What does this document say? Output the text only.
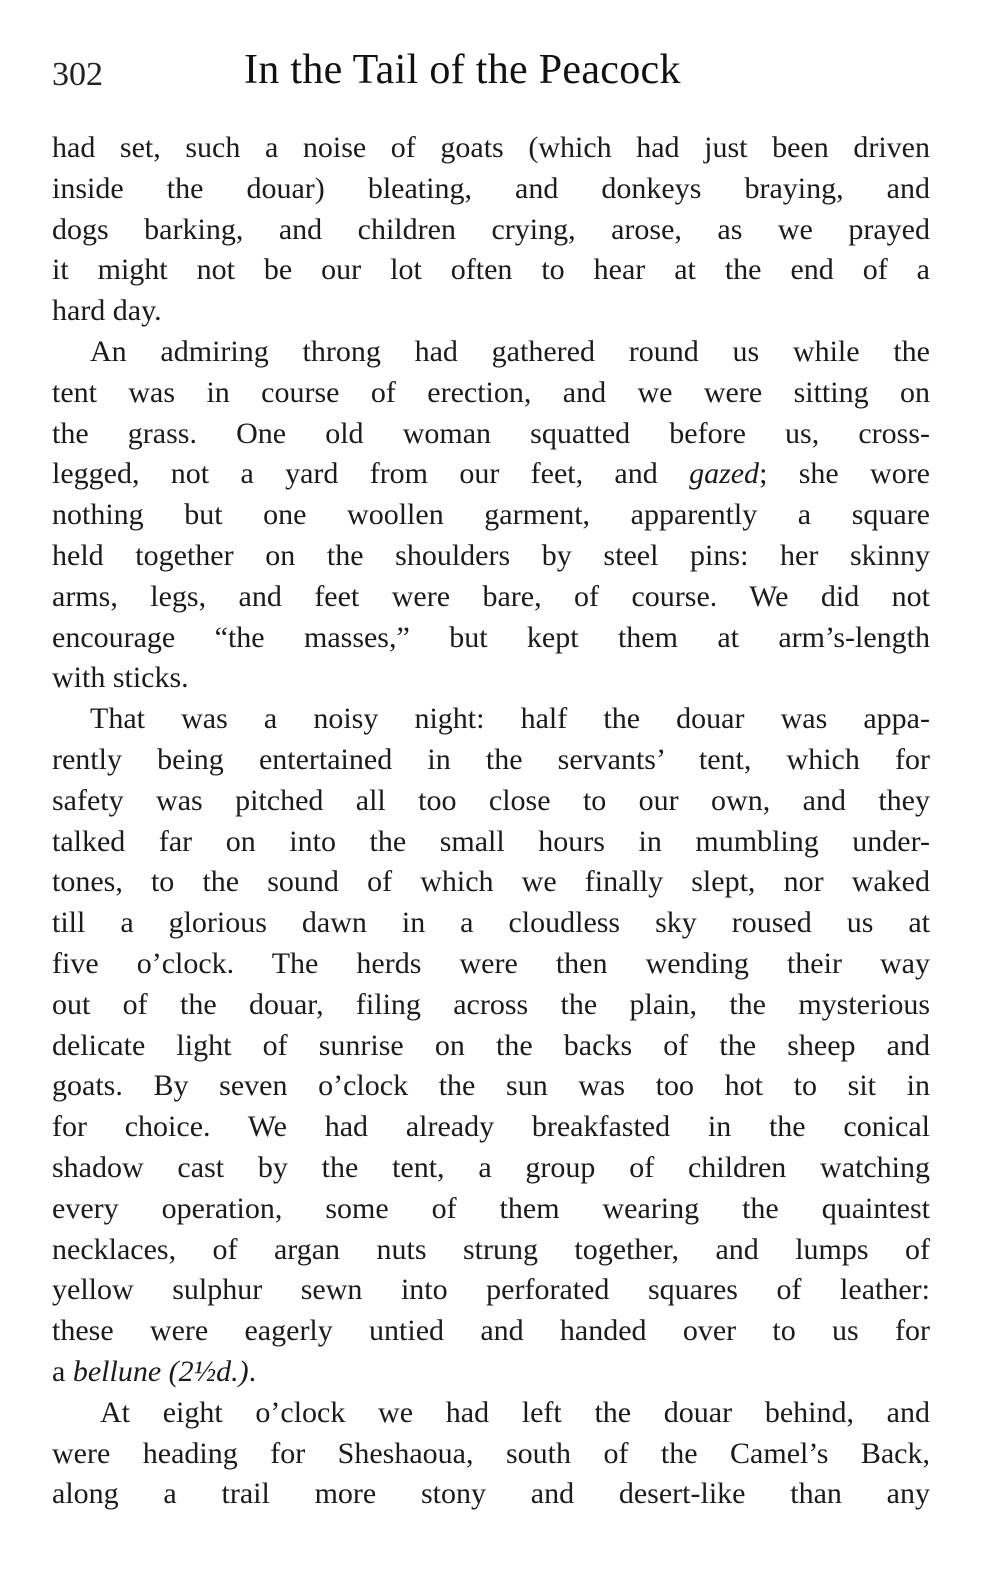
302	In the Tail of the Peacock
had set, such a noise of goats (which had just been driven
inside the douar) bleating, and donkeys braying, and
dogs barking, and children crying, arose, as we prayed
it might not be our lot often to hear at the end of a
hard day.
An admiring throng had gathered round us while the
tent was in course of erection, and we were sitting on
the grass. One old woman squatted before us, cross-
legged, not a yard from our feet, and gazed; she wore
nothing but one woollen garment, apparently a square
held together on the shoulders by steel pins: her skinny
arms, legs, and feet were bare, of course. We did not
encourage “the masses,” but kept them at arm’s-length
with sticks.
That was a noisy night: half the douar was appa-
rently being entertained in the servants’ tent, which for
safety was pitched all too close to our own, and they
talked far on into the small hours in mumbling under-
tones, to the sound of which we finally slept, nor waked
till a glorious dawn in a cloudless sky roused us at
five o’clock. The herds were then wending their way
out of the douar, filing across the plain, the mysterious
delicate light of sunrise on the backs of the sheep and
goats. By seven o’clock the sun was too hot to sit in
for choice. We had already breakfasted in the conical
shadow cast by the tent, a group of children watching
every operation, some of them wearing the quaintest
necklaces, of argan nuts strung together, and lumps of
yellow sulphur sewn into perforated squares of leather:
these were eagerly untied and handed over to us for
a bellune (2½d.).
At eight o’clock we had left the douar behind, and
were heading for Sheshaoua, south of the Camel’s Back,
along a trail more stony and desert-like than any
